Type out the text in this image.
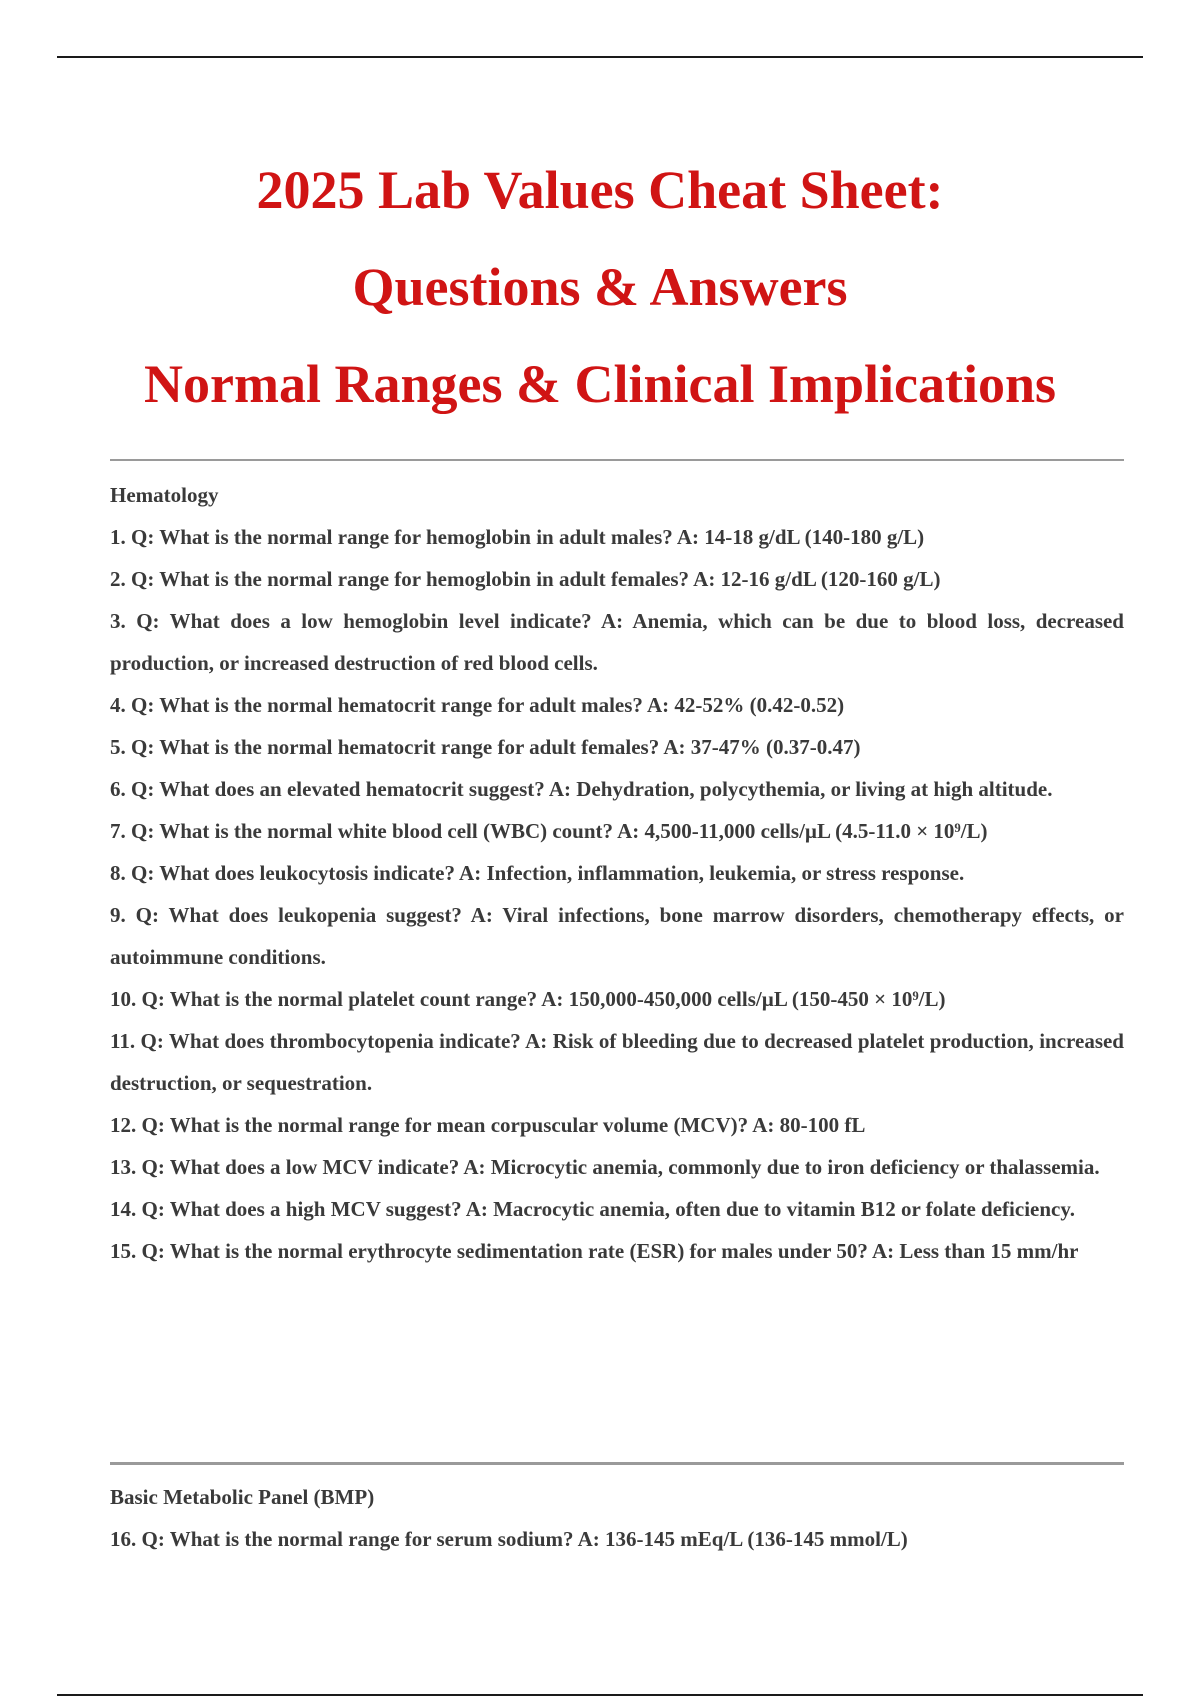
2025 Lab Values Cheat Sheet:

Questions & Answers

Normal Ranges & Clinical Implications

Hematology

1. Q: What is the normal range for hemoglobin in adult males? A: 14-18 g/dL (140-180 g/L)

2. Q: What is the normal range for hemoglobin in adult females? A: 12-16 g/dL (120-160 g/L)

3. Q: What does a low hemoglobin level indicate? A: Anemia, which can be due to blood loss, decreased production, or increased destruction of red blood cells.

4. Q: What is the normal hematocrit range for adult males? A: 42-52% (0.42-0.52)

5. Q: What is the normal hematocrit range for adult females? A: 37-47% (0.37-0.47)

6. Q: What does an elevated hematocrit suggest? A: Dehydration, polycythemia, or living at high altitude.

7. Q: What is the normal white blood cell (WBC) count? A: 4,500-11,000 cells/µL (4.5-11.0 × 10⁹/L)

8. Q: What does leukocytosis indicate? A: Infection, inflammation, leukemia, or stress response.

9. Q: What does leukopenia suggest? A: Viral infections, bone marrow disorders, chemotherapy effects, or autoimmune conditions.

10. Q: What is the normal platelet count range? A: 150,000-450,000 cells/µL (150-450 × 10⁹/L)

11. Q: What does thrombocytopenia indicate? A: Risk of bleeding due to decreased platelet production, increased destruction, or sequestration.

12. Q: What is the normal range for mean corpuscular volume (MCV)? A: 80-100 fL

13. Q: What does a low MCV indicate? A: Microcytic anemia, commonly due to iron deficiency or thalassemia.

14. Q: What does a high MCV suggest? A: Macrocytic anemia, often due to vitamin B12 or folate deficiency.

15. Q: What is the normal erythrocyte sedimentation rate (ESR) for males under 50? A: Less than 15 mm/hr

Basic Metabolic Panel (BMP)

16. Q: What is the normal range for serum sodium? A: 136-145 mEq/L (136-145 mmol/L)
